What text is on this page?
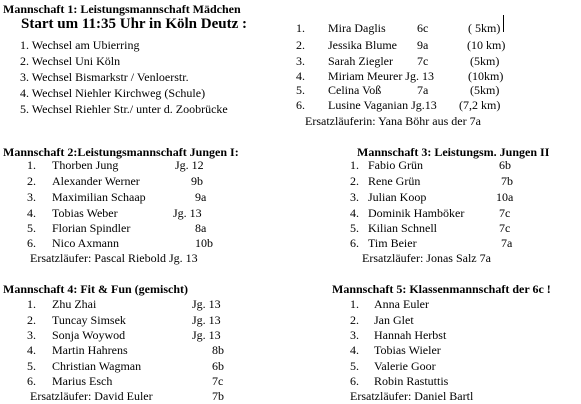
Mannschaft 1: Leistungsmannschaft Mädchen
Start um 11:35 Uhr in Köln Deutz :
1. Wechsel am Ubierring
2. Wechsel Uni Köln
3. Wechsel Bismarkstr / Venloerstr.
4. Wechsel Niehler Kirchweg (Schule)
5. Wechsel Riehler Str./ unter d. Zoobrücke
1. Mira Daglis	6c	( 5km)
2. Jessika Blume 9a	(10 km)
3. Sarah Ziegler 7c	(5km)
4. Miriam Meurer Jg. 13	(10km)
5. Celina Voß	7a	(5km)
6. Lusine Vaganian Jg.13 (7,2 km)
Ersatzläuferin: Yana Böhr aus der 7a
Mannschaft 2:Leistungsmannschaft Jungen I:
1. Thorben Jung	Jg. 12
2. Alexander Werner	9b
3. Maximilian Schaap	9a
4. Tobias Weber	Jg. 13
5. Florian Spindler	8a
6. Nico Axmann	10b
Ersatzläufer: Pascal Riebold Jg. 13
Mannschaft 3: Leistungsm. Jungen II
1. Fabio Grün	6b
2. Rene Grün	7b
3. Julian Koop	10a
4. Dominik Hamböker	7c
5. Kilian Schnell	7c
6. Tim Beier	7a
Ersatzläufer: Jonas Salz 7a
Mannschaft 4: Fit & Fun (gemischt)
1. Zhu Zhai	Jg. 13
2. Tuncay Simsek	Jg. 13
3. Sonja Woywod	Jg. 13
4. Martin Hahrens	8b
5. Christian Wagman	6b
6. Marius Esch	7c
Ersatzläufer: David Euler	7b
Mannschaft 5: Klassenmannschaft der 6c !
1. Anna Euler
2. Jan Glet
3. Hannah Herbst
4. Tobias Wieler
5. Valerie Goor
6. Robin Rastuttis
Ersatzläufer: Daniel Bartl
